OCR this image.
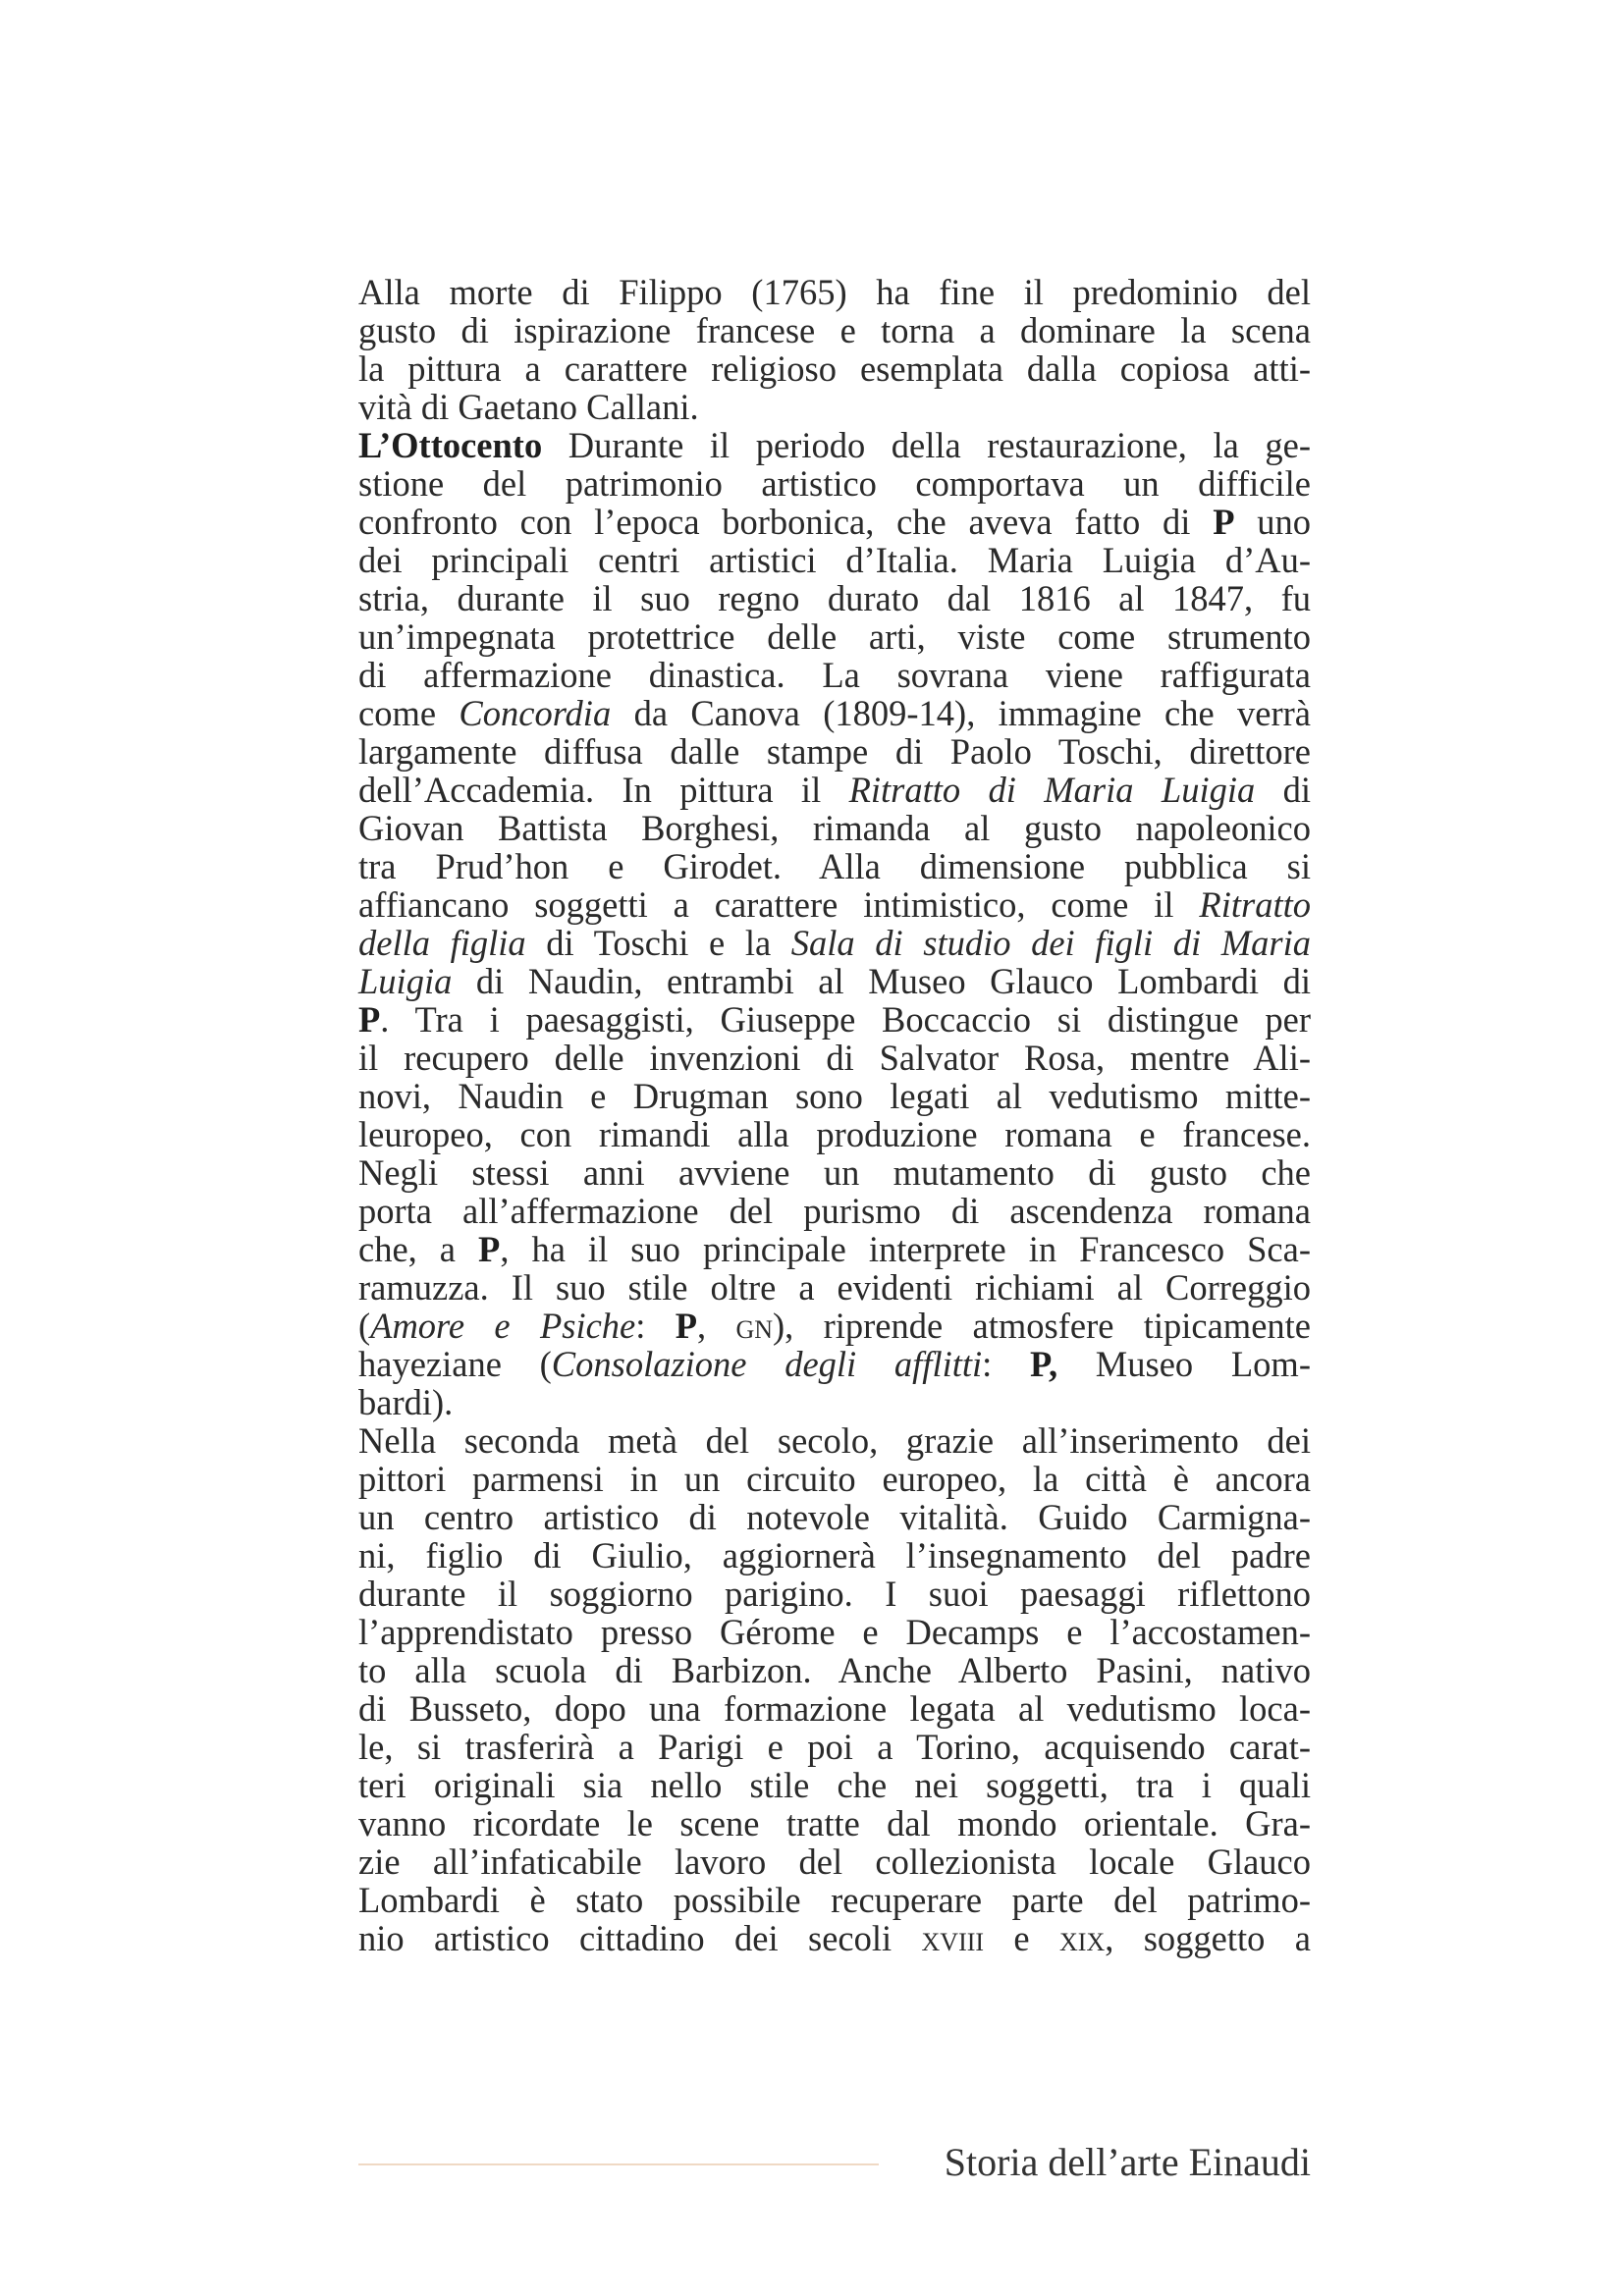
Alla morte di Filippo (1765) ha fine il predominio del
gusto di ispirazione francese e torna a dominare la scena
la pittura a carattere religioso esemplata dalla copiosa atti-
vità di Gaetano Callani.
L’Ottocento Durante il periodo della restaurazione, la ge-
stione del patrimonio artistico comportava un difficile
confronto con l’epoca borbonica, che aveva fatto di P uno
dei principali centri artistici d’Italia. Maria Luigia d’Au-
stria, durante il suo regno durato dal 1816 al 1847, fu
un’impegnata protettrice delle arti, viste come strumento
di affermazione dinastica. La sovrana viene raffigurata
come Concordia da Canova (1809-14), immagine che verrà
largamente diffusa dalle stampe di Paolo Toschi, direttore
dell’Accademia. In pittura il Ritratto di Maria Luigia di
Giovan Battista Borghesi, rimanda al gusto napoleonico
tra Prud’hon e Girodet. Alla dimensione pubblica si
affiancano soggetti a carattere intimistico, come il Ritratto
della figlia di Toschi e la Sala di studio dei figli di Maria
Luigia di Naudin, entrambi al Museo Glauco Lombardi di
P. Tra i paesaggisti, Giuseppe Boccaccio si distingue per
il recupero delle invenzioni di Salvator Rosa, mentre Ali-
novi, Naudin e Drugman sono legati al vedutismo mitte-
leuropeo, con rimandi alla produzione romana e francese.
Negli stessi anni avviene un mutamento di gusto che
porta all’affermazione del purismo di ascendenza romana
che, a P, ha il suo principale interprete in Francesco Sca-
ramuzza. Il suo stile oltre a evidenti richiami al Correggio
(Amore e Psiche: P, gn), riprende atmosfere tipicamente
hayeziane (Consolazione degli afflitti: P, Museo Lom-
bardi).
Nella seconda metà del secolo, grazie all’inserimento dei
pittori parmensi in un circuito europeo, la città è ancora
un centro artistico di notevole vitalità. Guido Carmigna-
ni, figlio di Giulio, aggiornerà l’insegnamento del padre
durante il soggiorno parigino. I suoi paesaggi riflettono
l’apprendistato presso Gérome e Decamps e l’accostamen-
to alla scuola di Barbizon. Anche Alberto Pasini, nativo
di Busseto, dopo una formazione legata al vedutismo loca-
le, si trasferirà a Parigi e poi a Torino, acquisendo carat-
teri originali sia nello stile che nei soggetti, tra i quali
vanno ricordate le scene tratte dal mondo orientale. Gra-
zie all’infaticabile lavoro del collezionista locale Glauco
Lombardi è stato possibile recuperare parte del patrimo-
nio artistico cittadino dei secoli xviii e xix, soggetto a
Storia dell’arte Einaudi
